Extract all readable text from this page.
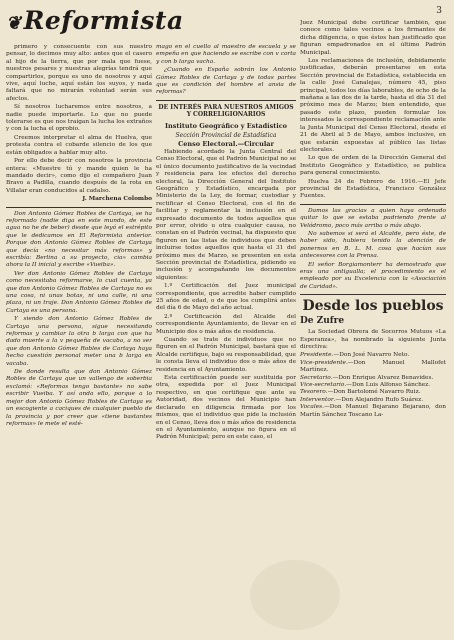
❦Reformista	3

primero y consecuente con sus nuestro pensar, lo decimos muy alto: antes que el casero al hijo de la tierra, que por mala que fuese, nuestros pesares y nuestras alegrías tendrá que compartirlos, porque es uno de nosotros y aquí vive, aquí luche, aquí están los suyos, y nada faltará que no mirarán voluntad serán sus afectos.

Sí nosotros lucharemos entre nosotros, a nadie puede importarle. Lo que no puede tolerarse es que nos traigan la lucha los extraños y con la lucha el oprobio.

Creemos interpretar el alma de Huelva, que protesta contra el cobarde silencio de los que están obligados a hablar muy alto.

Por ello debe decir con nosotros la provincia entera: «Muestre tú y mande quien le ha mandado decir», como dijo el compañero Juan Bravo a Padilla, cuando después de la rota en Villalar eran conducidos al cadalso.

J. Marchena Colombo

Don Antonio Gómez Robles de Cartaya, se ha reformado (nadie diga en este mundo, de este agua no he de beber) desde que leyó el estrépito que le dedicamos en El Reformista anterior. Porque don Antonio Gómez Robles de Cartaya que decía «no necesitar más reformas» y escribía: Berlina a su proyecto, cia» cambia ahora la II inicial y escribe «Vueiba».

Ver don Antonio Gómez Robles de Cartaya como necesitaba reformarse, lo cual cuenta, ya que don Antonio Gómez Robles de Cartaya no es una cosa, ni unas botas, ni una calle, ni una plaza, ni un traje. Don Antonio Gómez Robles de Cartaya es una persona.

Y siendo don Antonio Gómez Robles de Cartaya una persona, sigue necesitando reformas y cambiar la otra b larga con que ha dado muerte a la v pequeña de vacaba, a no ser que don Antonio Gómez Robles de Cartaya haya hecho cuestión personal meter una b larga en vacaba.

De donde resulta que don Antonio Gómez Robles de Cartaya que un vallengo de soberbia exclamó: «Reformas tengo bastante» no sabe escribir Vueiba. Y así anda ello, porque a lo mejor don Antonio Gómez Robles de Cartaya es un escogiente a caciques de cualquier pueblo de la provincia y por creer que «tiene bastantes reformas» le mete el esté-

mago en el cuello al maestro de escuela y se empeña en que haciendo se escribe con v corta y con b larga vacha.

¿Cuando en España sobrán los Antonio Gómez Robles de Cartaya y de todas partes que es condición del hombre el ansia de reformas?

DE INTERÉS PARA NUESTROS AMIGOS Y CORRELIGIONARIOS
Instituto Geográfico y Estadístico
Sección Provincial de Estadística
Censo Electoral.—Circular

Habiendo acordado la Junta Central del Censo Electoral, que el Padrón Municipal no se el único documento justificativo de la vecindad y residencia para los efectos del derecho electoral, la Dirección General del Instituto Geográfico y Estadístico, encargada por Ministerio de la Ley, de formar, custodiar y rectificar el Censo Electoral, con el fin de facilitar y reglamentar la inclusión en el expresado documento de todos aquellos que por error, olvido u otra cualquier causa, no constan en el Padrón vecinal, ha dispuesto que figuren en las listas de individuos que deben incluirse todos aquellos que hasta el 31 del próximo mes de Marzo, se presenten en esta Sección provincial de Estadística, pidiendo su inclusión y acompañando los documentos siguientes:

1.º Certificación del Juez municipal correspondiente, que acredite haber cumplido 25 años de edad, o de que los cumplirá antes del día 6 de Mayo del año actual.

2.º Certificación del Alcalde del correspondiente Ayuntamiento, de llevar en el Municipio dos o más años de residencia.

Cuando se trate de individuos que no figuren en el Padrón Municipal, bastará que el Alcalde certifique, bajo su responsabilidad, que le consta lleva el individuo dos o más años de residencia en el Ayuntamiento.

Esta certificación puede ser sustituida por otra, expedida por el Juez Municipal respectivo, en que certifique que ante su Autoridad, dos vecinos del Municipio han declarado en diligencia firmada por los mismos, que el individuo que pide la inclusión en el Censo, lleva dos o más años de residencia en el Ayuntamiento, aunque no figura en el Padrón Municipal; pero en este caso, el

Juez Municipal debe certificar también, que conoce como tales vecinos a los firmantes de dicha diligencia, o que éstos han justificado que figuran empadronados en el último Padrón Municipal.

Los reclamaciones de inclusión, debidamente justificadas, deberán presentarse en esta Sección provincial de Estadística, establecida en la calle José Canalejas, número 45, piso principal, todos los días laborables, de ocho de la mañana a las dos de la tarde, hasta el día 31 del próximo mes de Marzo; bien entendido, que pasado este plazo, pueden formular los interesados la correspondiente reclamación ante la Junta Municipal del Censo Electoral, desde el 21 de Abril al 5 de Mayo, ambos inclusive, en que estarán expuestas al público las listas electorales.

Lo que de orden de la Dirección General del Instituto Geográfico y Estadístico, se publica para general conocimiento.

Huelva 24 de Febrero de 1916.—El Jefe provincial de Estadística, Francisco González Fuentes.

Damos las gracias a quien haya ordenado quitar lo que se estaba pudriendo frente al Velódromo, poco más arriba o más abajo.

No sabemos si será el Alcalde, pero éste, de haber sido, hubiera tenido la atención de ponernos en B. L. M. cosa que hacían sus antecesores con la Prensa.

El señor Borgiamonterr ha demostrado que eras una antigualla; el procedimiento es el empleado por su Excelencia con la «Asociación de Caridad».

Desde los pueblos
De Zufre

La Sociedad Obrera de Socorros Mutuos «La Esperanza», ha nombrado la siguiente Junta directiva:

Presidente.—Don José Navarro Neto.

Vice-presidente.—Don Manuel Mallofet Martínez.

Secretario.—Don Enrique Alvarez Benavides.

Vice-secretario.—Don Luis Alfonso Sánchez.

Tesorero.—Don Bartolomé Navarro Ruiz.

Interventor.—Don Alejandro Rufo Suárez.

Vocales.—Don Manuel Bejarano Bejarano, don Martín Sánchez Toscano La-
